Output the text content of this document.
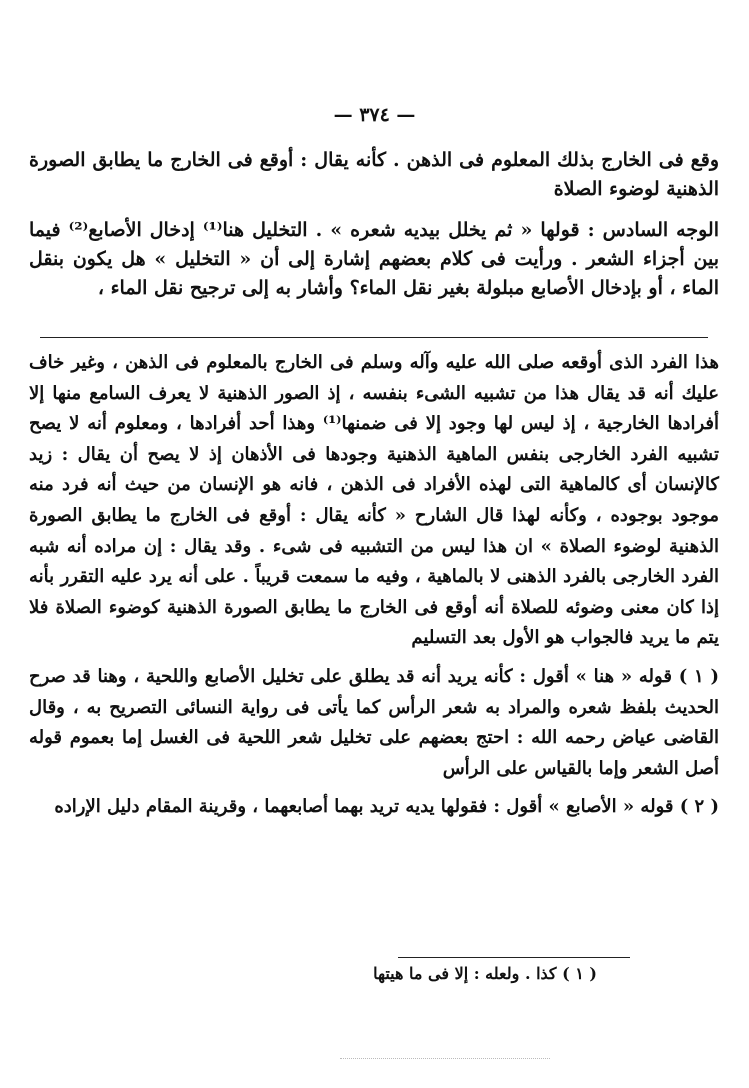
— ٣٧٤ —

وقع فى الخارج بذلك المعلوم فى الذهن . كأنه يقال : أوقع فى الخارج ما يطابق الصورة الذهنية لوضوء الصلاة

الوجه السادس : قولها « ثم يخلل بيديه شعره » . التخليل هنا⁽¹⁾ إدخال الأصابع⁽²⁾ فيما بين أجزاء الشعر . ورأيت فى كلام بعضهم إشارة إلى أن « التخليل » هل يكون بنقل الماء ، أو بإدخال الأصابع مبلولة بغير نقل الماء؟ وأشار به إلى ترجيح نقل الماء ،

هذا الفرد الذى أوقعه صلى الله عليه وآله وسلم فى الخارج بالمعلوم فى الذهن ، وغير خاف عليك أنه قد يقال هذا من تشبيه الشىء بنفسه ، إذ الصور الذهنية لا يعرف السامع منها إلا أفرادها الخارجية ، إذ ليس لها وجود إلا فى ضمنها⁽¹⁾ وهذا أحد أفرادها ، ومعلوم أنه لا يصح تشبيه الفرد الخارجى بنفس الماهية الذهنية وجودها فى الأذهان إذ لا يصح أن يقال : زيد كالإنسان أى كالماهية التى لهذه الأفراد فى الذهن ، فانه هو الإنسان من حيث أنه فرد منه موجود بوجوده ، وكأنه لهذا قال الشارح « كأنه يقال : أوقع فى الخارج ما يطابق الصورة الذهنية لوضوء الصلاة » ان هذا ليس من التشبيه فى شىء . وقد يقال : إن مراده أنه شبه الفرد الخارجى بالفرد الذهنى لا بالماهية ، وفيه ما سمعت قريباً . على أنه يرد عليه التقرر بأنه إذا كان معنى وضوئه للصلاة أنه أوقع فى الخارج ما يطابق الصورة الذهنية كوضوء الصلاة فلا يتم ما يريد فالجواب هو الأول بعد التسليم

( ١ ) قوله « هنا » أقول : كأنه يريد أنه قد يطلق على تخليل الأصابع واللحية ، وهنا قد صرح الحديث بلفظ شعره والمراد به شعر الرأس كما يأتى فى رواية النسائى التصريح به ، وقال القاضى عياض رحمه الله : احتج بعضهم على تخليل شعر اللحية فى الغسل إما بعموم قوله أصل الشعر وإما بالقياس على الرأس

( ٢ ) قوله « الأصابع » أقول : فقولها يديه تريد بهما أصابعهما ، وقرينة المقام دليل الإراده

( ١ ) كذا . ولعله : إلا فى ما هيتها
